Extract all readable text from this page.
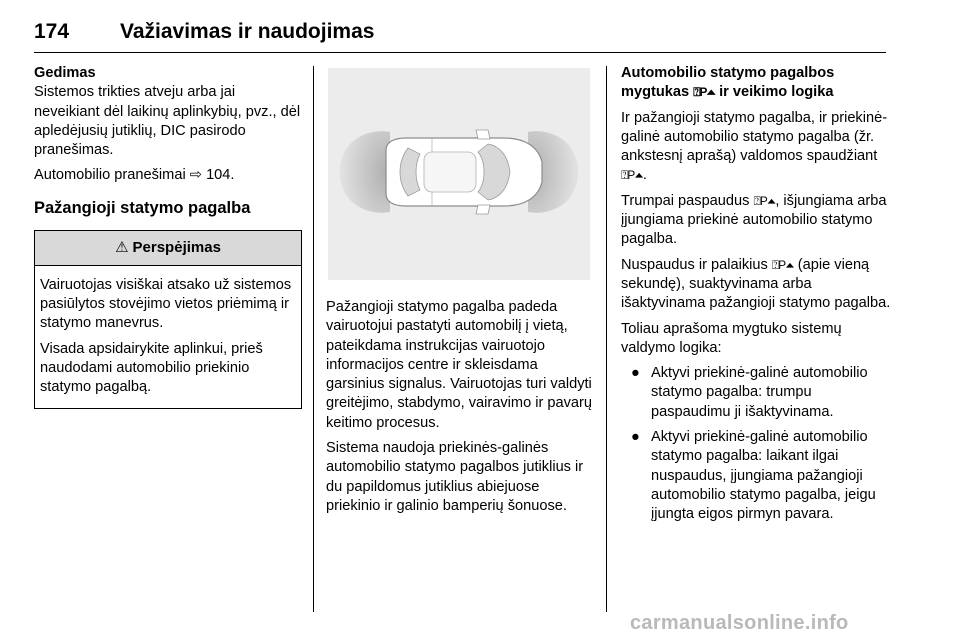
174 Važiavimas ir naudojimas
Gedimas

Sistemos trikties atveju arba jai neveikiant dėl laikinų aplinkybių, pvz., dėl apledėjusių jutiklių, DIC pasirodo pranešimas.

Automobilio pranešimai ⇨ 104.

Pažangioji statymo pagalba
⚠ Perspėjimas

Vairuotojas visiškai atsako už sistemos pasiūlytos stovėjimo vietos priėmimą ir statymo manevrus.

Visada apsidairykite aplinkui, prieš naudodami automobilio priekinio statymo pagalbą.

Pažangioji statymo pagalba padeda vairuotojui pastatyti automobilį į vietą, pateikdama instrukcijas vairuotojo informacijos centre ir skleisdama garsinius signalus. Vairuotojas turi valdyti greitėjimo, stabdymo, vairavimo ir pavarų keitimo procesus.

Sistema naudoja priekinės-galinės automobilio statymo pagalbos jutiklius ir du papildomus jutiklius abiejuose priekinio ir galinio bamperių šonuose.

Automobilio statymo pagalbos mygtukas ⍰P⏶ ir veikimo logika

Ir pažangioji statymo pagalba, ir priekinė-galinė automobilio statymo pagalba (žr. ankstesnį aprašą) valdomos spaudžiant ⍰P⏶.

Trumpai paspaudus ⍰P⏶, išjungiama arba įjungiama priekinė automobilio statymo pagalba.

Nuspaudus ir palaikius ⍰P⏶ (apie vieną sekundę), suaktyvinama arba išaktyvinama pažangioji statymo pagalba.

Toliau aprašoma mygtuko sistemų valdymo logika:

● Aktyvi priekinė-galinė automobilio statymo pagalba: trumpu paspaudimu ji išaktyvinama.
● Aktyvi priekinė-galinė automobilio statymo pagalba: laikant ilgai nuspaudus, įjungiama pažangioji automobilio statymo pagalba, jeigu įjungta eigos pirmyn pavara.
carmanualsonline.info
